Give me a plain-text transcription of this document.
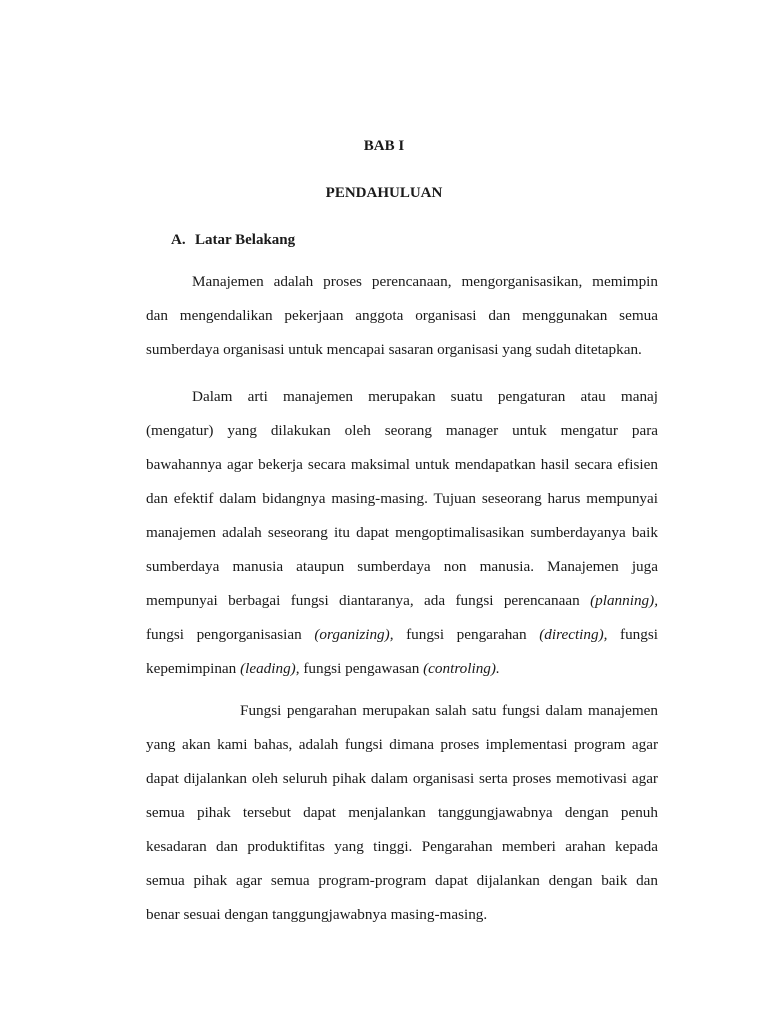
BAB I
PENDAHULUAN
A. Latar Belakang
Manajemen adalah proses perencanaan, mengorganisasikan, memimpin
dan mengendalikan pekerjaan anggota organisasi dan menggunakan semua
sumberdaya organisasi untuk mencapai sasaran organisasi yang sudah ditetapkan.
Dalam arti manajemen merupakan suatu pengaturan atau manaj
(mengatur) yang dilakukan oleh seorang manager untuk mengatur para
bawahannya agar bekerja secara maksimal untuk mendapatkan hasil secara efisien
dan efektif dalam bidangnya masing-masing. Tujuan seseorang harus mempunyai
manajemen adalah seseorang itu dapat mengoptimalisasikan sumberdayanya baik
sumberdaya manusia ataupun sumberdaya non manusia. Manajemen juga
mempunyai berbagai fungsi diantaranya, ada fungsi perencanaan (planning),
fungsi pengorganisasian (organizing), fungsi pengarahan (directing), fungsi
kepemimpinan (leading), fungsi pengawasan (controling).
Fungsi pengarahan merupakan salah satu fungsi dalam manajemen
yang akan kami bahas, adalah fungsi dimana proses implementasi program agar
dapat dijalankan oleh seluruh pihak dalam organisasi serta proses memotivasi agar
semua pihak tersebut dapat menjalankan tanggungjawabnya dengan penuh
kesadaran dan produktifitas yang tinggi. Pengarahan memberi arahan kepada
semua pihak agar semua program-program dapat dijalankan dengan baik dan
benar sesuai dengan tanggungjawabnya masing-masing.
